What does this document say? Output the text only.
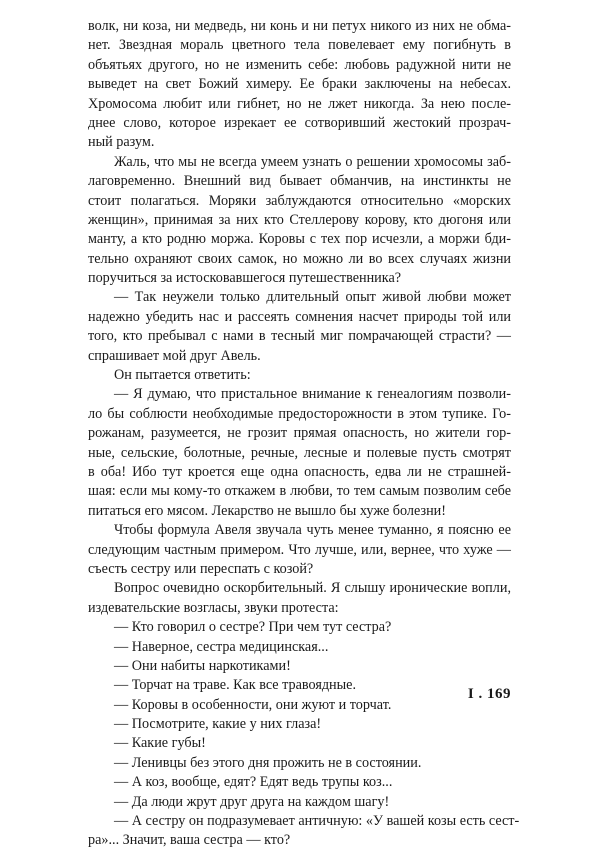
волк, ни коза, ни медведь, ни конь и ни петух никого из них не обма-
нет. Звездная мораль цветного тела повелевает ему погибнуть в
объятьях другого, но не изменить себе: любовь радужной нити не
выведет на свет Божий химеру. Ее браки заключены на небесах.
Хромосома любит или гибнет, но не лжет никогда. За нею после-
днее слово, которое изрекает ее сотворивший жестокий прозрач-
ный разум.
Жаль, что мы не всегда умеем узнать о решении хромосомы заб-
лаговременно. Внешний вид бывает обманчив, на инстинкты не
стоит полагаться. Моряки заблуждаются относительно «морских
женщин», принимая за них кто Стеллерову корову, кто дюгоня или
манту, а кто родню моржа. Коровы с тех пор исчезли, а моржи бди-
тельно охраняют своих самок, но можно ли во всех случаях жизни
поручиться за истосковавшегося путешественника?
— Так неужели только длительный опыт живой любви может
надежно убедить нас и рассеять сомнения насчет природы той или
того, кто пребывал с нами в тесный миг помрачающей страсти? —
спрашивает мой друг Авель.
Он пытается ответить:
— Я думаю, что пристальное внимание к генеалогиям позволи-
ло бы соблюсти необходимые предосторожности в этом тупике. Го-
рожанам, разумеется, не грозит прямая опасность, но жители гор-
ные, сельские, болотные, речные, лесные и полевые пусть смотрят
в оба! Ибо тут кроется еще одна опасность, едва ли не страшней-
шая: если мы кому-то откажем в любви, то тем самым позволим себе
питаться его мясом. Лекарство не вышло бы хуже болезни!
Чтобы формула Авеля звучала чуть менее туманно, я поясню ее
следующим частным примером. Что лучше, или, вернее, что хуже —
съесть сестру или переспать с козой?
Вопрос очевидно оскорбительный. Я слышу иронические вопли,
издевательские возгласы, звуки протеста:
— Кто говорил о сестре? При чем тут сестра?
— Наверное, сестра медицинская...
— Они набиты наркотиками!
— Торчат на траве. Как все травоядные.
— Коровы в особенности, они жуют и торчат.
— Посмотрите, какие у них глаза!
— Какие губы!
— Ленивцы без этого дня прожить не в состоянии.
— А коз, вообще, едят? Едят ведь трупы коз...
— Да люди жрут друг друга на каждом шагу!
— А сестру он подразумевает античную: «У вашей козы есть сест-
ра»... Значит, ваша сестра — кто?
I . 169
